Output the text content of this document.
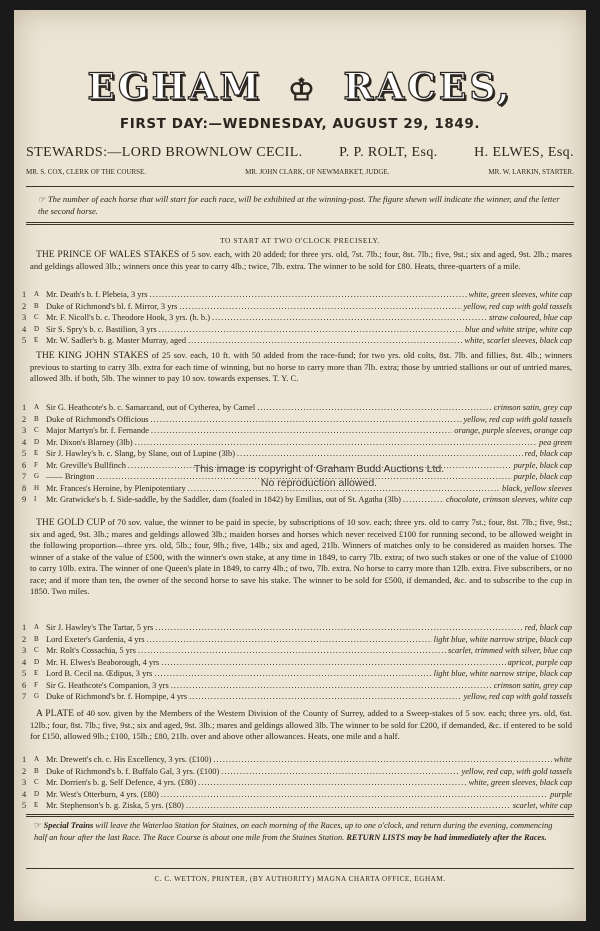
EGHAM ♔ RACES,
FIRST DAY:—WEDNESDAY, AUGUST 29, 1849.
STEWARDS:—LORD BROWNLOW CECIL.	P. P. ROLT, Esq.	H. ELWES, Esq.
MR. S. COX, CLERK OF THE COURSE.	MR. JOHN CLARK, OF NEWMARKET, JUDGE.	MR. W. LARKIN, STARTER.
☞ The number of each horse that will start for each race, will be exhibited at the winning-post. The figure shewn will indicate the winner, and the letter the second horse.
TO START AT TWO O'CLOCK PRECISELY.
THE PRINCE OF WALES STAKES of 5 sov. each, with 20 added; for three yrs. old, 7st. 7lb.; four, 8st. 7lb.; five, 9st.; six and aged, 9st. 2lb.; mares and geldings allowed 3lb.; winners once this year to carry 4lb.; twice, 7lb. extra. The winner to be sold for £80. Heats, three-quarters of a mile.
1	A Mr. Death's b. f. Plebeia, 3 yrs .....	white, green sleeves, white cap
2	B Duke of Richmond's bl. f. Mirror, 3 yrs .....	yellow, red cap with gold tassels
3	C Mr. F. Nicoll's b. c. Theodore Hook, 3 yrs. (h. b.) .....	straw coloured, blue cap
4	D Sir S. Spry's b. c. Bastilion, 3 yrs .....	blue and white stripe, white cap
5	E Mr. W. Sadler's b. g. Master Murray, aged .....	white, scarlet sleeves, black cap
THE KING JOHN STAKES of 25 sov. each, 10 ft. with 50 added from the race-fund; for two yrs. old colts, 8st. 7lb. and fillies, 8st. 4lb.; winners previous to starting to carry 3lb. extra for each time of winning, but no horse to carry more than 7lb. extra; those by untried stallions or out of untried mares, allowed 3lb. if both, 5lb. The winner to pay 10 sov. towards expenses. T. Y. C.
1	A Sir G. Heathcote's b. c. Samarcand, out of Cytherea, by Camel .....	crimson satin, grey cap
2	B Duke of Richmond's Officious .....	yellow, red cap with gold tassels
3	C Major Martyn's br. f. Fernande .....	orange, purple sleeves, orange cap
4	D Mr. Dixon's Blarney (3lb) .....	pea green
5	E Sir J. Hawley's b. c. Slang, by Slane, out of Lupine (3lb) .....	red, black cap
6	F Mr. Greville's Bullfinch .....	purple, black cap
7	G —— Brington .....	purple, black cap
8	H Mr. Frances's Heroine, by Plenipotentiary .....	black, yellow sleeves
9	I	Mr. Gratwicke's b. f. Side-saddle, by the Saddler, dam (foaled in 1842) by Emilius, out of St. Agatha (3lb) .....	chocolate, crimson sleeves, white cap
THE GOLD CUP of 70 sov. value, the winner to be paid in specie, by subscriptions of 10 sov. each; three yrs. old to carry 7st.; four, 8st. 7lb.; five, 9st.; six and aged, 9st. 3lb.; mares and geldings allowed 3lb.; maiden horses and horses which never received £100 for running second, to be allowed weight in the following proportion—three yrs. old, 5lb.; four, 9lb.; five, 14lb.; six and aged, 21lb. Winners of matches only to be considered as maiden horses. The winner of a stake of the value of £500, with the winner's own stake, at any time in 1849, to carry 7lb. extra; of two such stakes or one of the value of £1000 to carry 10lb. extra. The winner of one Queen's plate in 1849, to carry 4lb.; of two, 7lb. extra. No horse to carry more than 12lb. extra. Five subscribers, or no race; and if more than ten, the owner of the second horse to save his stake. The winner to be sold for £500, if demanded, &c. and to subscribe to the cup in 1850. Two miles.
1	A Sir J. Hawley's The Tartar, 5 yrs .....	red, black cap
2	B Lord Exeter's Gardenia, 4 yrs .....	light blue, white narrow stripe, black cap
3	C Mr. Rolt's Cossachia, 5 yrs .....	scarlet, trimmed with silver, blue cap
4	D Mr. H. Elwes's Beaborough, 4 yrs .....	apricot, purple cap
5	E Lord B. Cecil na. Œdipus, 3 yrs .....	light blue, white narrow stripe, black cap
6	F Sir G. Heathcote's Companion, 3 yrs .....	crimson satin, grey cap
7	G Duke of Richmond's br. f. Hornpipe, 4 yrs .....	yellow, red cap with gold tassels
A PLATE of 40 sov. given by the Members of the Western Division of the County of Surrey, added to a Sweep-stakes of 5 sov. each; three yrs. old, 6st. 12lb.; four, 8st. 7lb.; five, 9st.; six and aged, 9st. 3lb.; mares and geldings allowed 3lb. The winner to be sold for £200, if demanded, &c. if entered to be sold for £150, allowed 9lb.; £100, 15lb.; £80, 21lb. over and above other allowances. Heats, one mile and a half.
1	A Mr. Drewett's ch. c. His Excellency, 3 yrs. (£100) .....	white
2	B Duke of Richmond's b. f. Buffalo Gal, 3 yrs. (£100) .....	yellow, red cap, with gold tassels
3	C Mr. Dorrien's b. g. Self Defence, 4 yrs. (£80) .....	white, green sleeves, black cap
4	D Mr. West's Otterburn, 4 yrs. (£80) .....	purple
5	E Mr. Stephenson's b. g. Ziska, 5 yrs. (£80) .....	scarlet, white cap
☞ Special Trains will leave the Waterloo Station for Staines, on each morning of the Races, up to one o'clock, and return during the evening, commencing half an hour after the last Race. The Race Course is about one mile from the Staines Station. RETURN LISTS may be had immediately after the Races.
C. C. WETTON, PRINTER, (BY AUTHORITY) MAGNA CHARTA OFFICE, EGHAM.
This image is copyright of Graham Budd Auctions Ltd.
No reproduction allowed.
